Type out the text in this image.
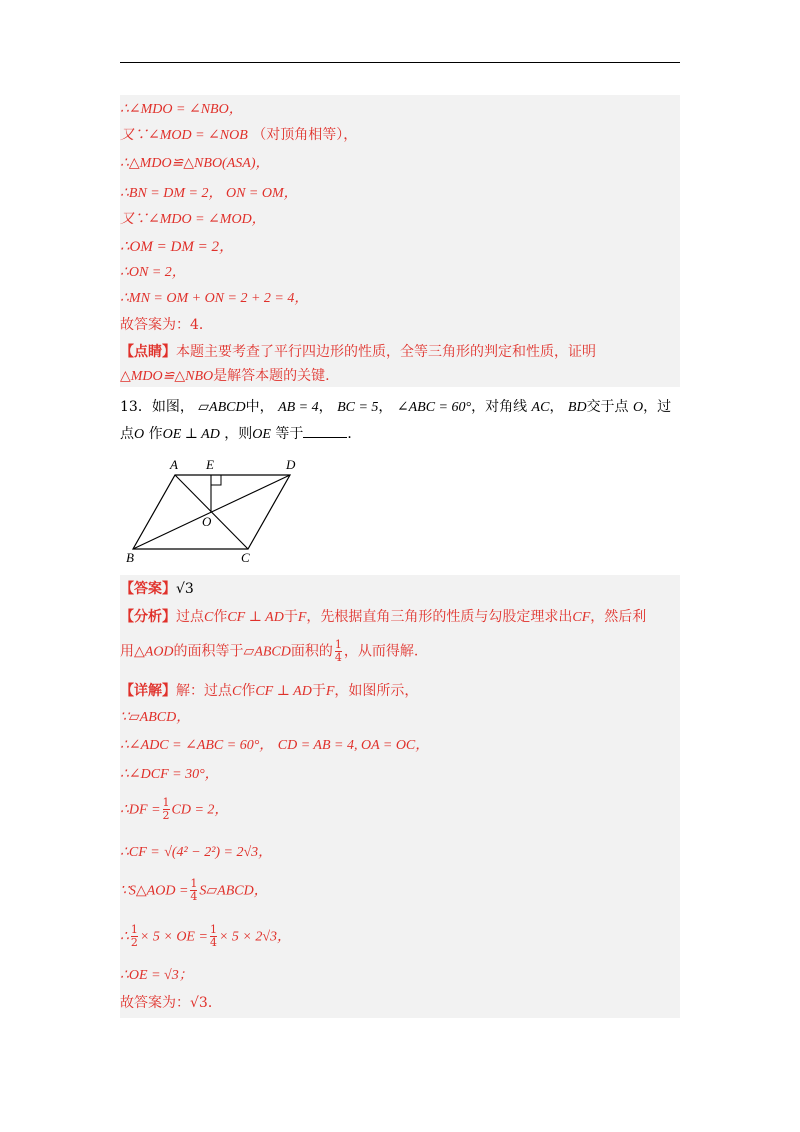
∴∠MDO = ∠NBO，
又∵∠MOD = ∠NOB （对顶角相等），
∴△MDO≌△NBO(ASA)，
∴BN = DM = 2， ON = OM，
又∵∠MDO = ∠MOD，
∴OM = DM = 2，
∴ON = 2，
∴MN = OM + ON = 2 + 2 = 4，
故答案为：4．
【点睛】本题主要考查了平行四边形的性质，全等三角形的判定和性质，证明
△MDO≌△NBO是解答本题的关键.
13．如图， ▱ABCD中， AB = 4， BC = 5， ∠ABC = 60°，对角线 AC， BD交于点 O，过
点O 作OE ⊥ AD ，则OE 等于	．
A E	D
O
B	C
【答案】√3
【分析】过点C作CF ⊥ AD于F，先根据直角三角形的性质与勾股定理求出CF，然后利
用△AOD的面积等于▱ABCD面积的 $\frac{1}{4}$ ，从而得解.
【详解】解：过点C作CF ⊥ AD于F，如图所示，
∵▱ABCD，
∴∠ADC = ∠ABC = 60°， CD = AB = 4, OA = OC，
∴∠DCF = 30°，
∴DF = $\frac{1}{2}$ CD = 2，
∴CF = √(4² − 2²) = 2√3，
∵S△AOD = $\frac{1}{4}$ S▱ABCD，
∴ $\frac{1}{2} \times 5$ × OE = $\frac{1}{4} \times 5 \times 2√3$，
∴OE = √3；
故答案为：√3．
